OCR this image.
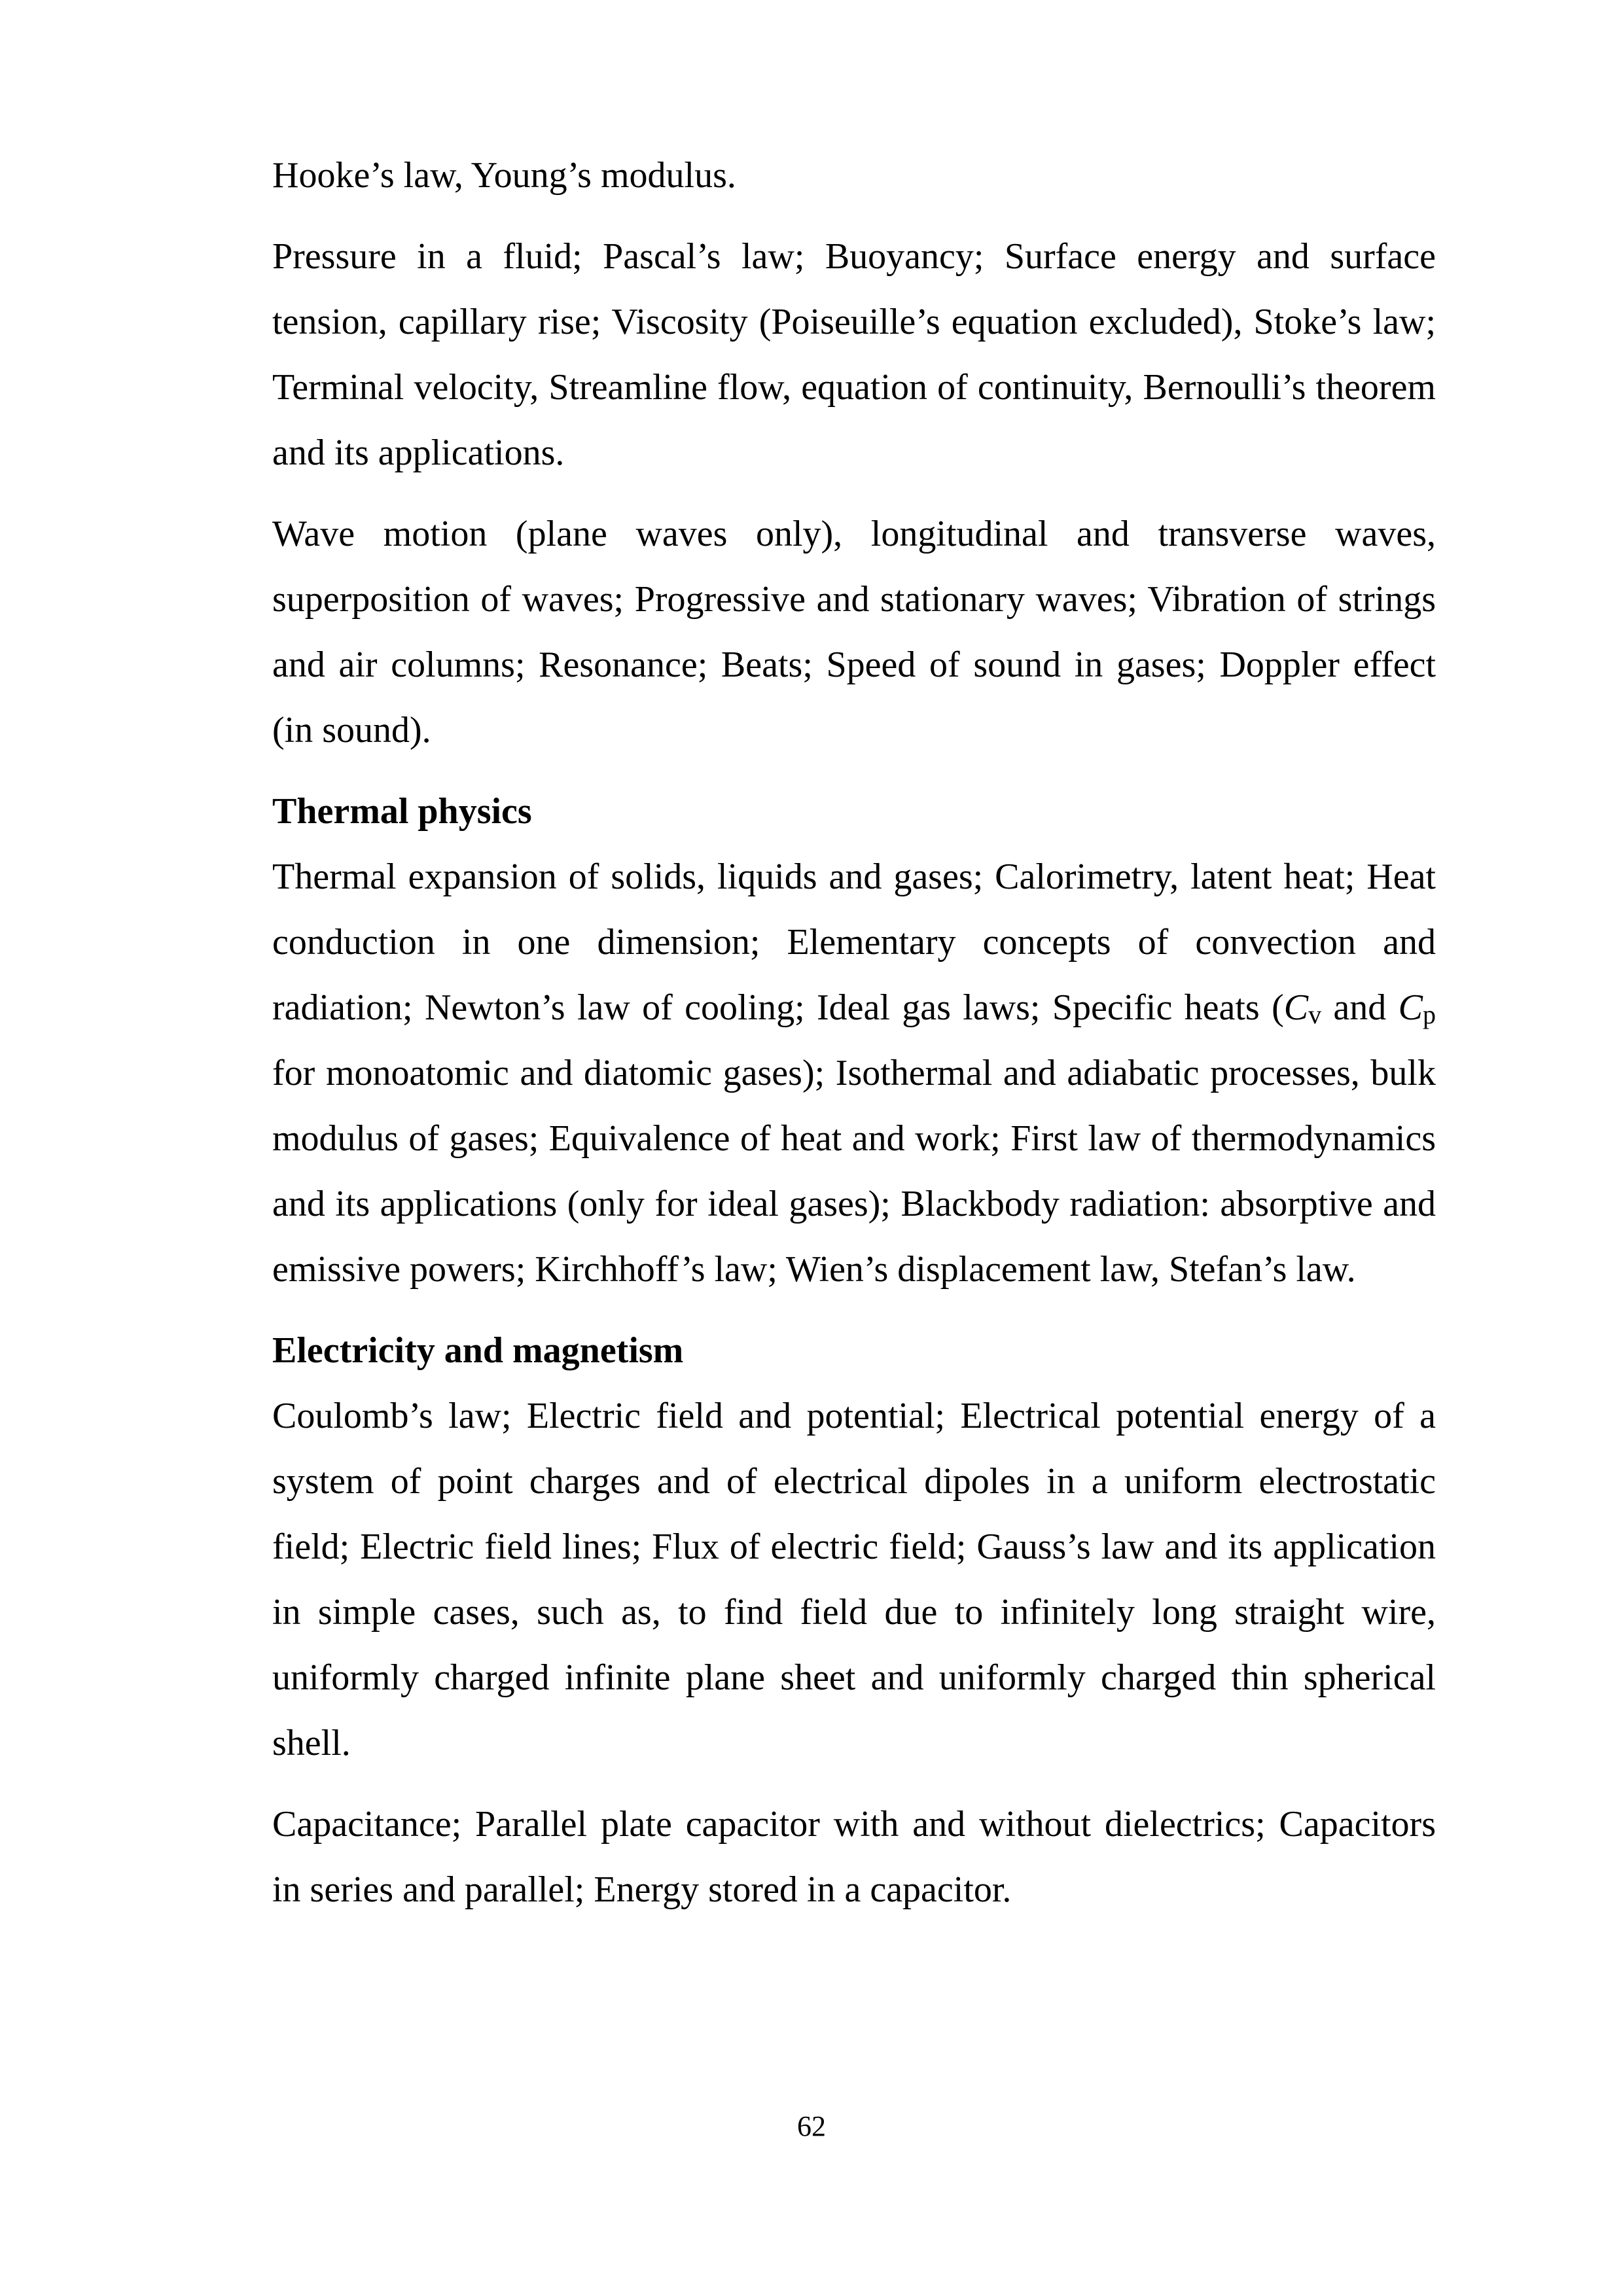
Hooke’s law, Young’s modulus.

Pressure in a fluid; Pascal’s law; Buoyancy; Surface energy and surface tension, capillary rise; Viscosity (Poiseuille’s equation excluded), Stoke’s law; Terminal velocity, Streamline flow, equation of continuity, Bernoulli’s theorem and its applications.

Wave motion (plane waves only), longitudinal and transverse waves, superposition of waves; Progressive and stationary waves; Vibration of strings and air columns; Resonance; Beats; Speed of sound in gases; Doppler effect (in sound).

Thermal physics

Thermal expansion of solids, liquids and gases; Calorimetry, latent heat; Heat conduction in one dimension; Elementary concepts of convection and radiation; Newton’s law of cooling; Ideal gas laws; Specific heats (Cv and Cp for monoatomic and diatomic gases); Isothermal and adiabatic processes, bulk modulus of gases; Equivalence of heat and work; First law of thermodynamics and its applications (only for ideal gases); Blackbody radiation: absorptive and emissive powers; Kirchhoff’s law; Wien’s displacement law, Stefan’s law.

Electricity and magnetism

Coulomb’s law; Electric field and potential; Electrical potential energy of a system of point charges and of electrical dipoles in a uniform electrostatic field; Electric field lines; Flux of electric field; Gauss’s law and its application in simple cases, such as, to find field due to infinitely long straight wire, uniformly charged infinite plane sheet and uniformly charged thin spherical shell.

Capacitance; Parallel plate capacitor with and without dielectrics; Capacitors in series and parallel; Energy stored in a capacitor.

62
